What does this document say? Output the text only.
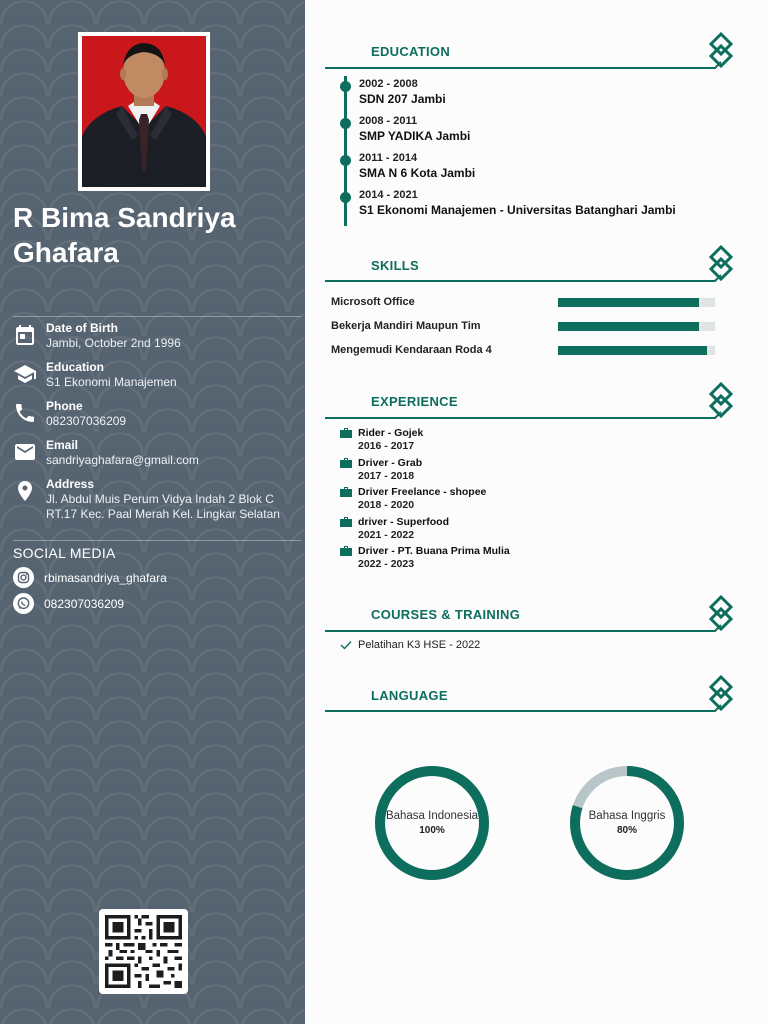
R Bima Sandriya Ghafara
Date of Birth
Jambi, October 2nd 1996
Education
S1 Ekonomi Manajemen
Phone
082307036209
Email
sandriyaghafara@gmail.com
Address
Jl. Abdul Muis Perum Vidya Indah 2 Blok C RT.17 Kec. Paal Merah Kel. Lingkar Selatan
SOCIAL MEDIA
rbimasandriya_ghafara
082307036209
EDUCATION
2002 - 2008
SDN 207 Jambi
2008 - 2011
SMP YADIKA Jambi
2011 - 2014
SMA N 6 Kota Jambi
2014 - 2021
S1 Ekonomi Manajemen - Universitas Batanghari Jambi
SKILLS
Microsoft Office
Bekerja Mandiri Maupun Tim
Mengemudi Kendaraan Roda 4
EXPERIENCE
Rider - Gojek
2016 - 2017
Driver - Grab
2017 - 2018
Driver Freelance - shopee
2018 - 2020
driver - Superfood
2021 - 2022
Driver - PT. Buana Prima Mulia
2022 - 2023
COURSES & TRAINING
Pelatihan K3 HSE - 2022
LANGUAGE
Bahasa Indonesia
100%
Bahasa Inggris
80%
